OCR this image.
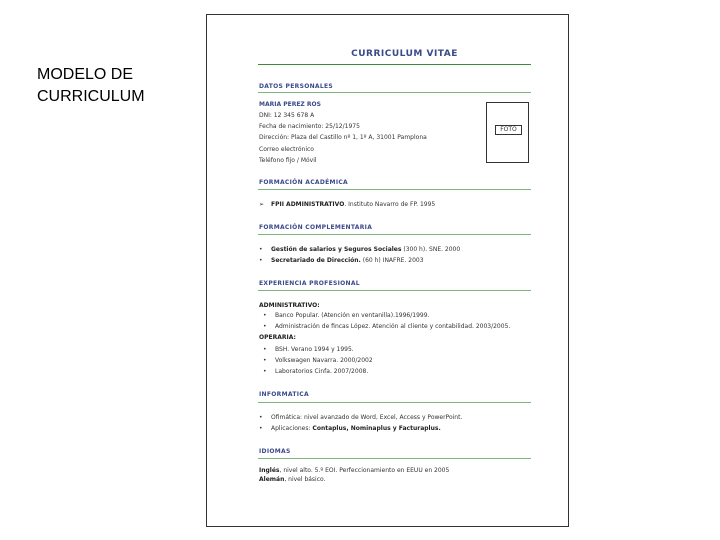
MODELO DE
CURRICULUM
CURRICULUM VITAE
DATOS PERSONALES
MARIA PEREZ ROS
DNI: 12 345 678 A
Fecha de nacimiento: 25/12/1975
Dirección: Plaza del Castillo nº 1, 1º A, 31001 Pamplona
Correo electrónico
Teléfono fijo / Móvil
FOTO
FORMACIÓN ACADÉMICA
➢ FPII ADMINISTRATIVO. Instituto Navarro de FP. 1995
FORMACIÓN COMPLEMENTARIA
• Gestión de salarios y Seguros Sociales (300 h). SNE. 2000
• Secretariado de Dirección. (60 h) INAFRE. 2003
EXPERIENCIA PROFESIONAL
ADMINISTRATIVO:
• Banco Popular. (Atención en ventanilla).1996/1999.
• Administración de fincas López. Atención al cliente y contabilidad. 2003/2005.
OPERARIA:
• BSH. Verano 1994 y 1995.
• Volkswagen Navarra. 2000/2002
• Laboratorios Cinfa. 2007/2008.
INFORMATICA
• Ofimática: nivel avanzado de Word, Excel, Access y PowerPoint.
• Aplicaciones: Contaplus, Nominaplus y Facturaplus.
IDIOMAS
Inglés, nivel alto. 5.º EOI. Perfeccionamiento en EEUU en 2005
Alemán, nivel básico.
